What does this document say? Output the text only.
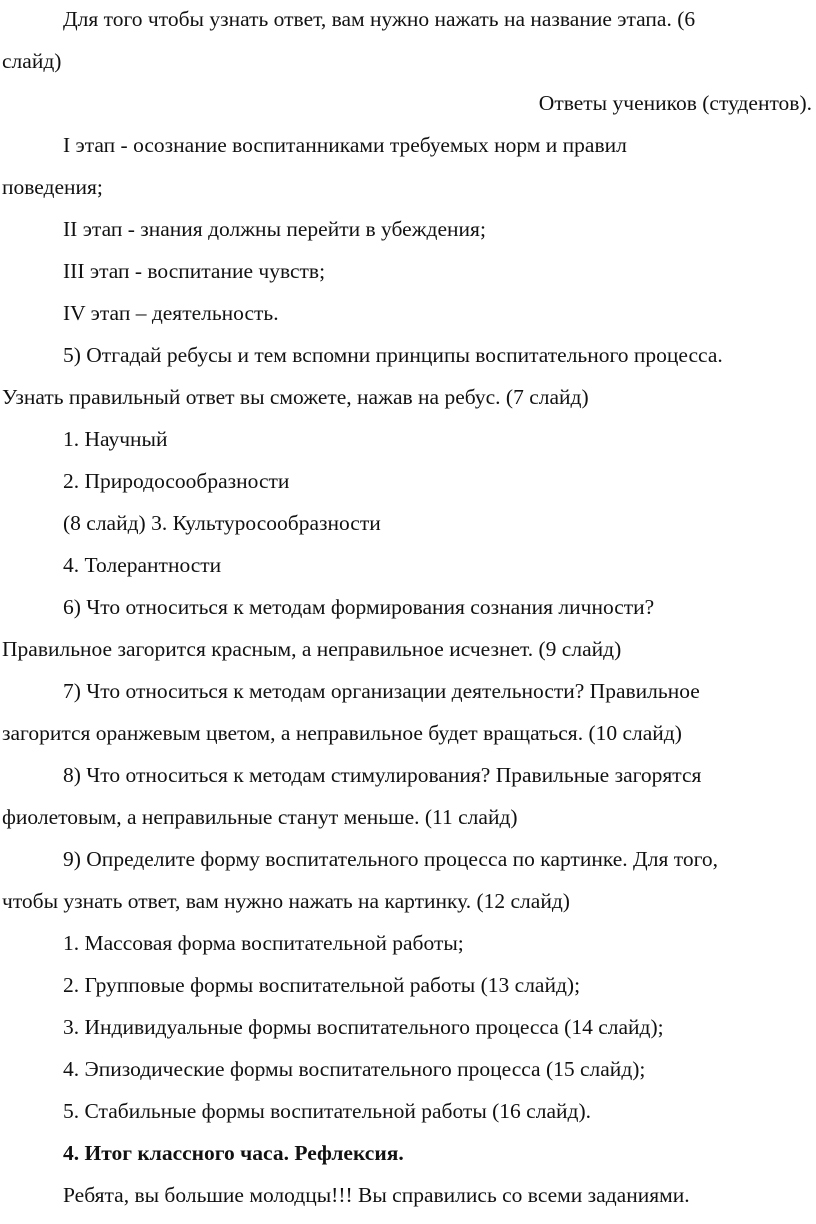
Для того чтобы узнать ответ, вам нужно нажать на название этапа. (6
слайд)
Ответы учеников (студентов).
I этап - осознание воспитанниками требуемых норм и правил
поведения;
II этап - знания должны перейти в убеждения;
III этап - воспитание чувств;
IV этап – деятельность.
5) Отгадай ребусы и тем вспомни принципы воспитательного процесса.
Узнать правильный ответ вы сможете, нажав на ребус. (7 слайд)
1. Научный
2. Природосообразности
(8 слайд) 3. Культуросообразности
4. Толерантности
6) Что относиться к методам формирования сознания личности?
Правильное загорится красным, а неправильное исчезнет. (9 слайд)
7) Что относиться к методам организации деятельности? Правильное
загорится оранжевым цветом, а неправильное будет вращаться. (10 слайд)
8) Что относиться к методам стимулирования? Правильные загорятся
фиолетовым, а неправильные станут меньше. (11 слайд)
9) Определите форму воспитательного процесса по картинке. Для того,
чтобы узнать ответ, вам нужно нажать на картинку. (12 слайд)
1. Массовая форма воспитательной работы;
2. Групповые формы воспитательной работы (13 слайд);
3. Индивидуальные формы воспитательного процесса (14 слайд);
4. Эпизодические формы воспитательного процесса (15 слайд);
5. Стабильные формы воспитательной работы (16 слайд).
4. Итог классного часа. Рефлексия.
Ребята, вы большие молодцы!!! Вы справились со всеми заданиями.
